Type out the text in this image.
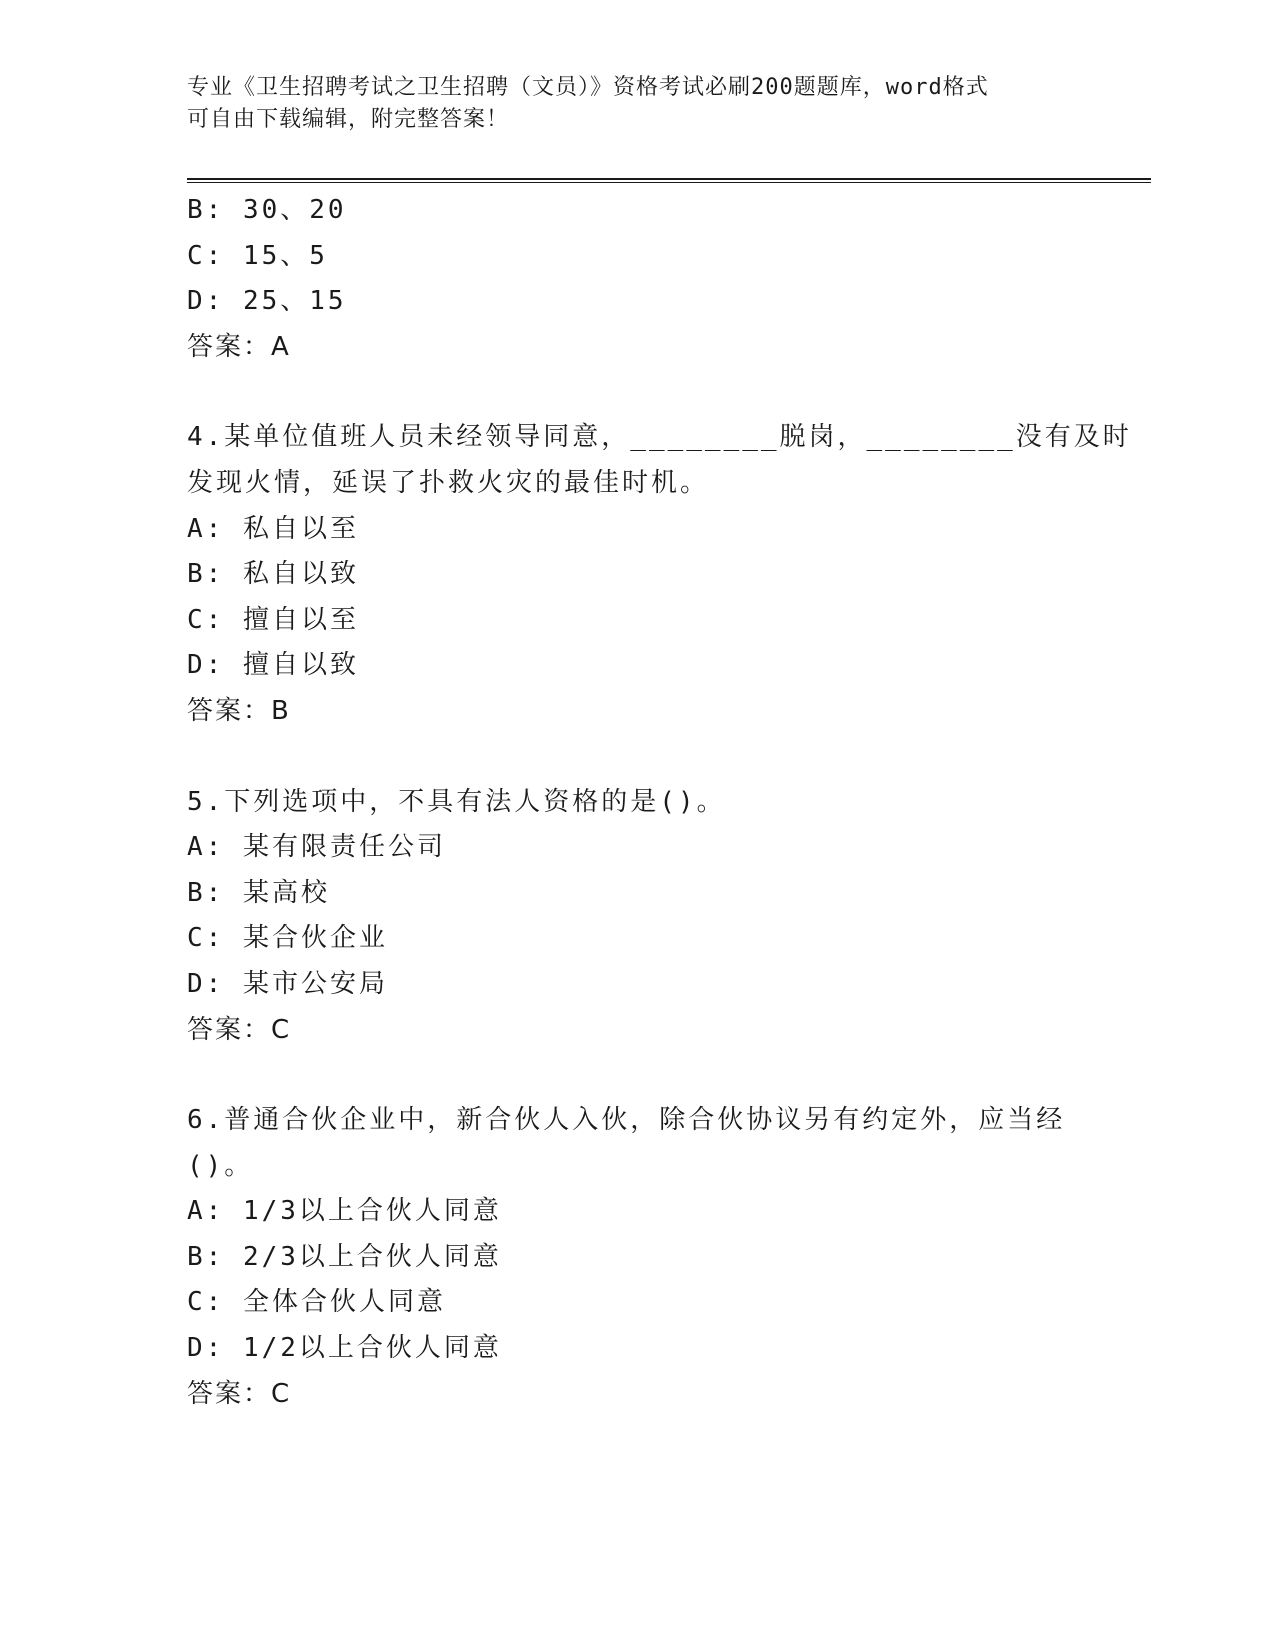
专业《卫生招聘考试之卫生招聘（文员）》资格考试必刷200题题库，word格式
可自由下载编辑，附完整答案！
B: 30、20
C: 15、5
D: 25、15
答案：A
4.某单位值班人员未经领导同意，________脱岗，________没有及时
发现火情，延误了扑救火灾的最佳时机。
A: 私自以至
B: 私自以致
C: 擅自以至
D: 擅自以致
答案：B
5.下列选项中，不具有法人资格的是()。
A: 某有限责任公司
B: 某高校
C: 某合伙企业
D: 某市公安局
答案：C
6.普通合伙企业中，新合伙人入伙，除合伙协议另有约定外，应当经
()。
A: 1/3以上合伙人同意
B: 2/3以上合伙人同意
C: 全体合伙人同意
D: 1/2以上合伙人同意
答案：C
